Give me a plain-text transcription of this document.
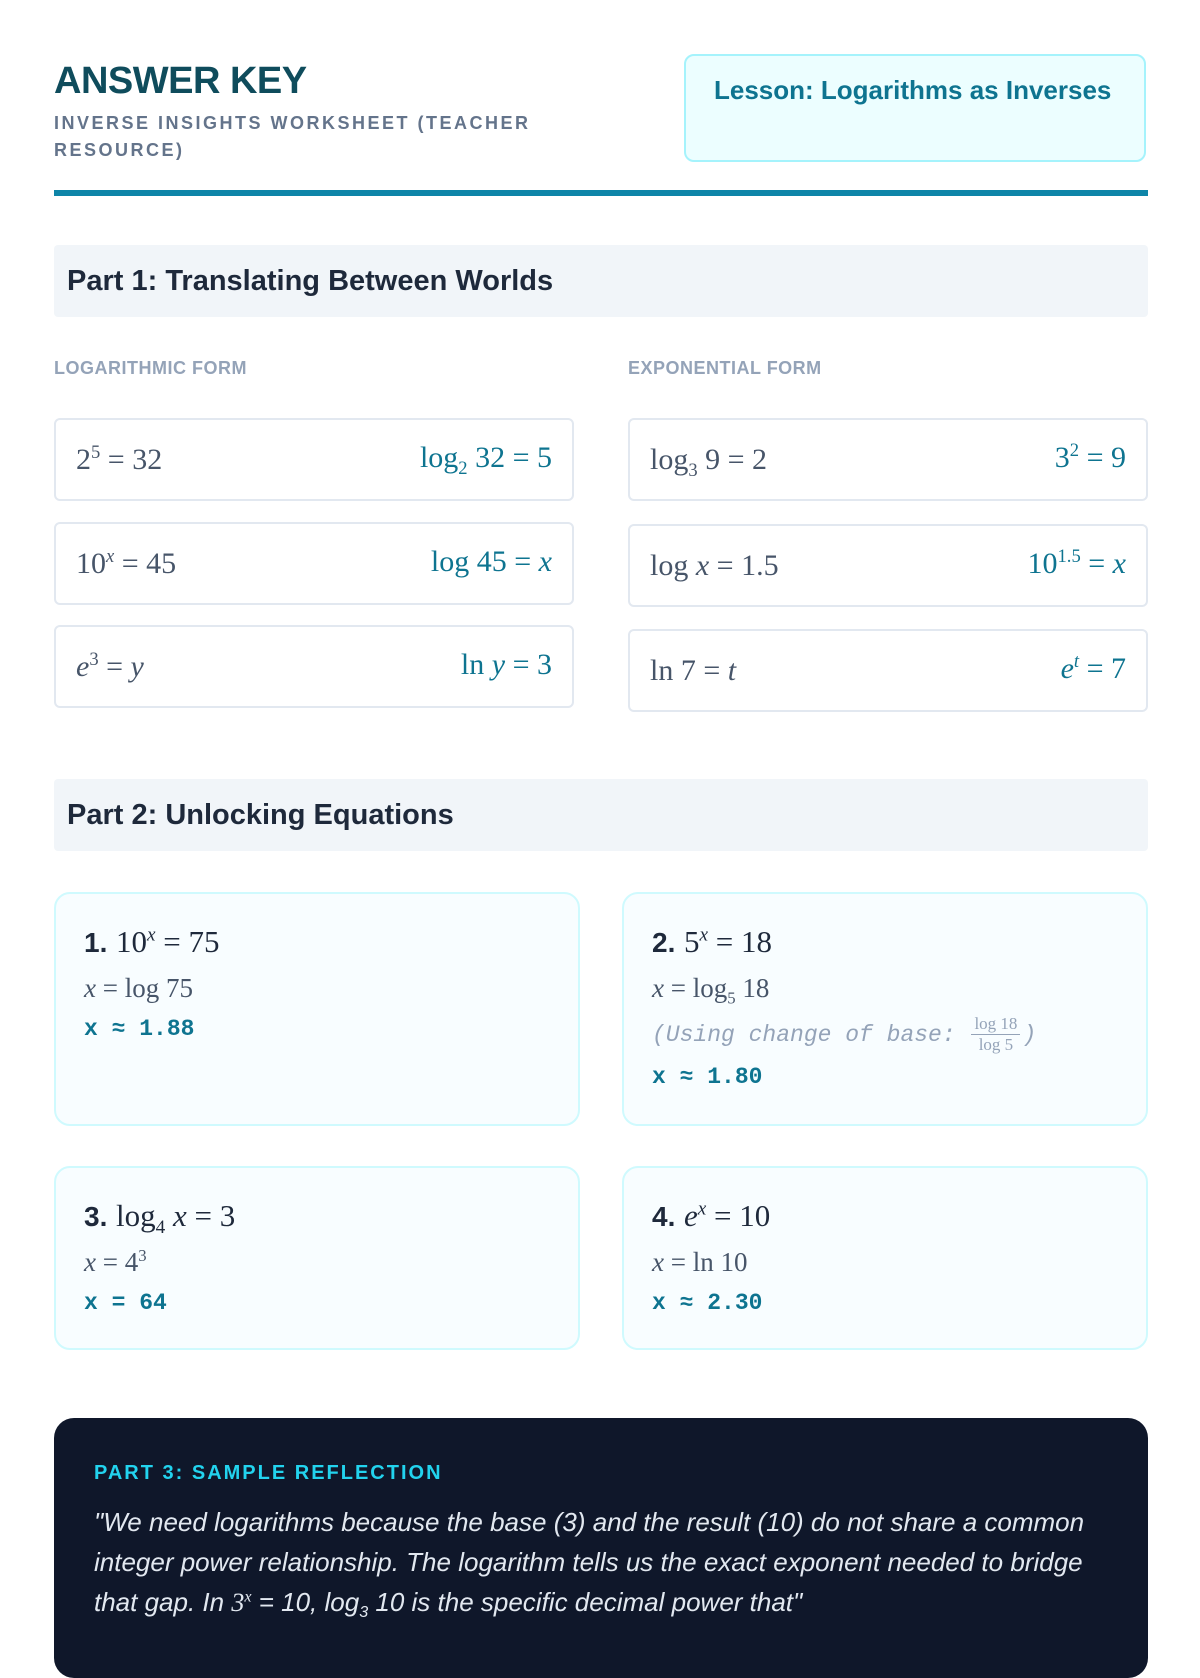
ANSWER KEY
INVERSE INSIGHTS WORKSHEET (TEACHER RESOURCE)
Lesson: Logarithms as Inverses
Part 1: Translating Between Worlds
LOGARITHMIC FORM	EXPONENTIAL FORM
$2^5 = 32$	$\log_2 32 = 5$
$10^x = 45$	log 45 = x
$e^3 = y$	ln y = 3
$\log_3 9 = 2$	$3^2 = 9$
log x = 1.5	$10^{1.5} = x$
ln 7 = t	$e^t = 7$
Part 2: Unlocking Equations
1. $10^x = 75$
x = log 75
x ≈ 1.88
2. $5^x = 18$
$x = \log_5 18$
(Using change of base: $\frac{\log 18}{\log 5}$ )
x ≈ 1.80
3. $\log_4 x = 3$
$x = 4^3$
x = 64
4. $e^x = 10$
x = ln 10
x ≈ 2.30
PART 3: SAMPLE REFLECTION
"We need logarithms because the base (3) and the result (10) do not share a common integer power relationship. The logarithm tells us the exact exponent needed to bridge that gap. In $3^x = 10$, $\log_3 10$ is the specific decimal power that"
